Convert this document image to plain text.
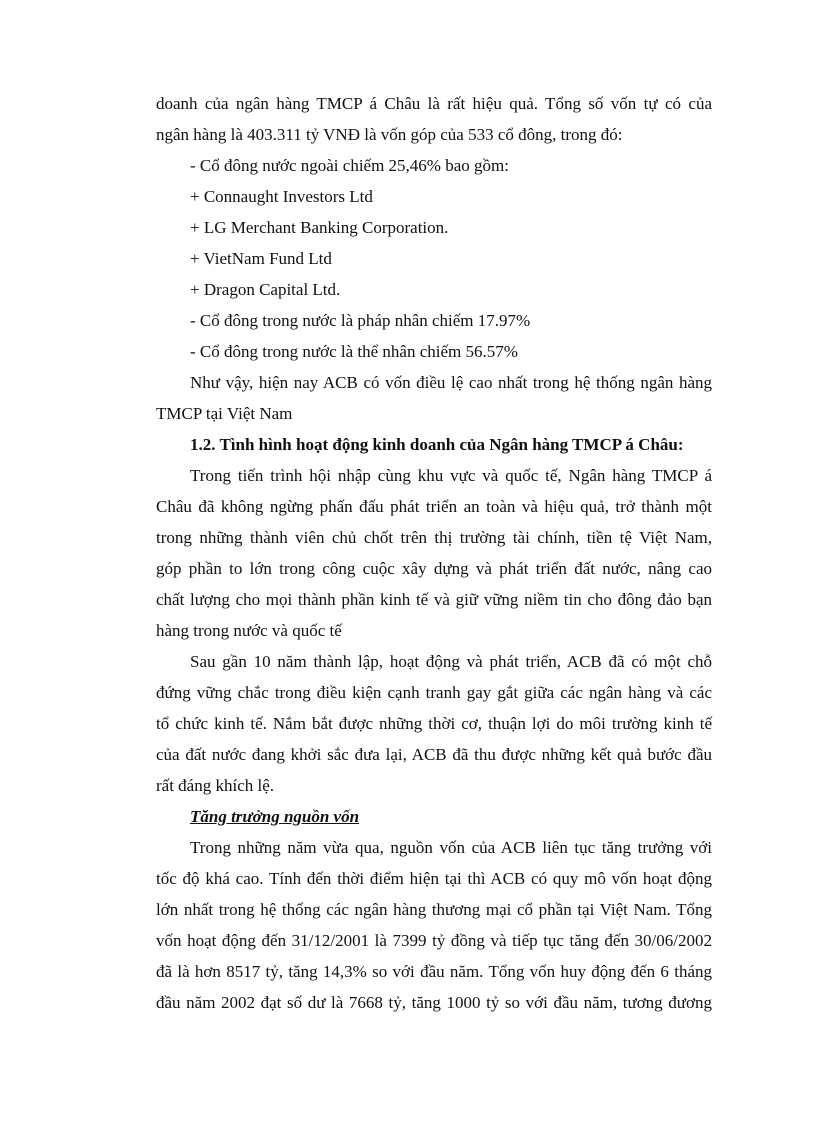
doanh của ngân hàng TMCP á Châu là rất hiệu quả. Tổng số vốn tự có của
ngân hàng là 403.311 tỷ VNĐ là vốn góp của 533 cổ đông, trong đó:
- Cổ đông nước ngoài chiếm 25,46% bao gồm:
+ Connaught Investors Ltd
+ LG Merchant Banking Corporation.
+ VietNam Fund Ltd
+ Dragon Capital Ltd.
- Cổ đông trong nước là pháp nhân chiếm 17.97%
- Cổ đông trong nước là thể nhân chiếm 56.57%
Như vậy, hiện nay ACB có vốn điều lệ cao nhất trong hệ thống ngân hàng
TMCP tại Việt Nam
1.2. Tình hình hoạt động kinh doanh của Ngân hàng TMCP á Châu:
Trong tiến trình hội nhập cùng khu vực và quốc tế, Ngân hàng TMCP á
Châu đã không ngừng phấn đấu phát triển an toàn và hiệu quả, trở thành một
trong những thành viên chủ chốt trên thị trường tài chính, tiền tệ Việt Nam,
góp phần to lớn trong công cuộc xây dựng và phát triển đất nước, nâng cao
chất lượng cho mọi thành phần kinh tế và giữ vững niềm tin cho đông đảo bạn
hàng trong nước và quốc tế
Sau gần 10 năm thành lập, hoạt động và phát triển, ACB đã có một chỗ
đứng vững chắc trong điều kiện cạnh tranh gay gắt giữa các ngân hàng và các
tổ chức kinh tế. Nắm bắt được những thời cơ, thuận lợi do môi trường kinh tế
của đất nước đang khởi sắc đưa lại, ACB đã thu được những kết quả bước đầu
rất đáng khích lệ.
Tăng trưởng nguồn vốn
Trong những năm vừa qua, nguồn vốn của ACB liên tục tăng trưởng với
tốc độ khá cao. Tính đến thời điểm hiện tại thì ACB có quy mô vốn hoạt động
lớn nhất trong hệ thống các ngân hàng thương mại cổ phần tại Việt Nam. Tổng
vốn hoạt động đến 31/12/2001 là 7399 tỷ đồng và tiếp tục tăng đến 30/06/2002
đã là hơn 8517 tỷ, tăng 14,3% so với đầu năm. Tổng vốn huy động đến 6 tháng
đầu năm 2002 đạt số dư là 7668 tỷ, tăng 1000 tỷ so với đầu năm, tương đương
